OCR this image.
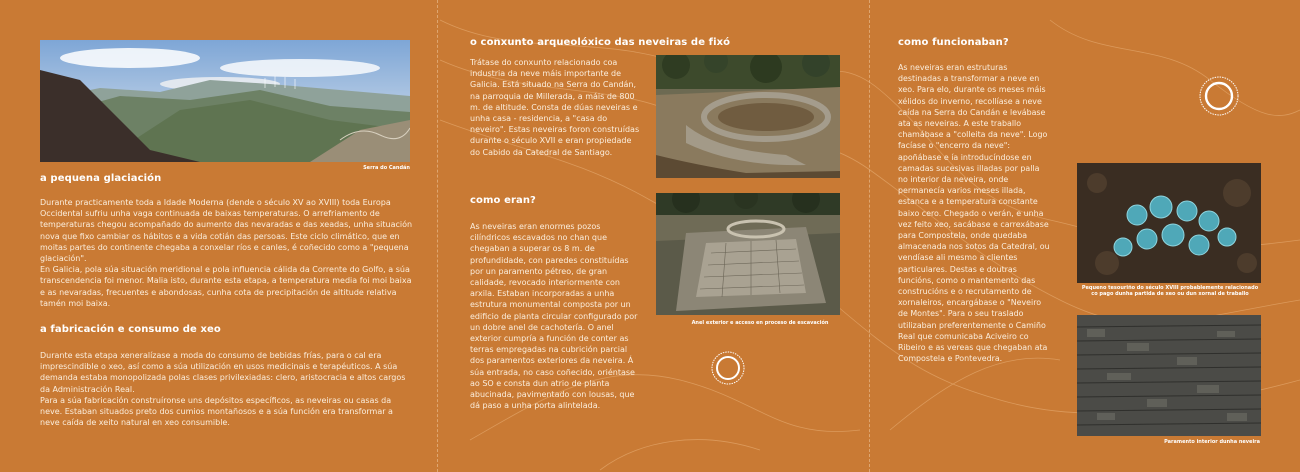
Serra do Candán
a pequena glaciación

Durante practicamente toda a Idade Moderna (dende o século XV ao XVIII) toda Europa Occidental sufriu unha vaga continuada de baixas temperaturas. O arrefriamento de temperaturas chegou acompañado do aumento das nevaradas e das xeadas, unha situación nova que fixo cambiar os hábitos e a vida cotián das persoas. Este ciclo climático, que en moitas partes do continente chegaba a conxelar ríos e canles, é coñecido como a "pequena glaciación".

En Galicia, pola súa situación meridional e pola influencia cálida da Corrente do Golfo, a súa transcendencia foi menor. Malia isto, durante esta etapa, a temperatura media foi moi baixa e as nevaradas, frecuentes e abondosas, cunha cota de precipitación de altitude relativa tamén moi baixa.

a fabricación e consumo de xeo

Durante esta etapa xeneralízase a moda do consumo de bebidas frías, para o cal era imprescindible o xeo, así como a súa utilización en usos medicinais e terapéuticos. A súa demanda estaba monopolizada polas clases privilexiadas: clero, aristocracia e altos cargos da Administración Real.

Para a súa fabricación construíronse uns depósitos específicos, as neveiras ou casas da neve. Estaban situados preto dos cumios montañosos e a súa función era transformar a neve caída de xeito natural en xeo consumible.

o conxunto arqueolóxico das neveiras de fixó

Trátase do conxunto relacionado coa industria da neve máis importante de Galicia. Está situado na Serra do Candán, na parroquia de Millerada, a máis de 800 m. de altitude. Consta de dúas neveiras e unha casa - residencia, a "casa do neveiro". Estas neveiras foron construídas durante o século XVII e eran propiedade do Cabido da Catedral de Santiago.

como eran?

As neveiras eran enormes pozos cilíndricos escavados no chan que chegaban a superar os 8 m. de profundidade, con paredes constituídas por un paramento pétreo, de gran calidade, revocado interiormente con arxila. Estaban incorporadas a unha estrutura monumental composta por un edificio de planta circular configurado por un dobre anel de cachotería. O anel exterior cumpría a función de conter as terras empregadas na cubrición parcial dos paramentos exteriores da neveira. Á súa entrada, no caso coñecido, oriéntase ao SO e consta dun atrio de planta abucinada, pavimentado con lousas, que dá paso a unha porta alintelada.

Anel exterior e acceso en proceso de escavación
como funcionaban?

As neveiras eran estruturas destinadas a transformar a neve en xeo. Para elo, durante os meses máis xélidos do inverno, recollíase a neve caída na Serra do Candán e levábase ata as neveiras. A este traballo chamábase a "colleita da neve". Logo facíase o "encerro da neve": apoñábase e ía introducíndose en camadas sucesivas illadas por palla no interior da neveira, onde permanecía varios meses illada, estanca e a temperatura constante baixo cero. Chegado o verán, e unha vez feito xeo, sacábase e carrexábase para Compostela, onde quedaba almacenada nos sotos da Catedral, ou vendíase ali mesmo a clientes particulares. Destas e doutras funcións, como o mantemento das construcións e o recrutamento de xornaleiros, encargábase o "Neveiro de Montes". Para o seu traslado utilizaban preferentemente o Camiño Real que comunicaba Aciveiro co Ribeiro e as vereas que chegaban ata Compostela e Pontevedra.

Pequeno tesouriño do século XVIII probablemente relacionado co pago dunha partida de xeo ou dun xornal de traballo
Paramento interior dunha neveira
